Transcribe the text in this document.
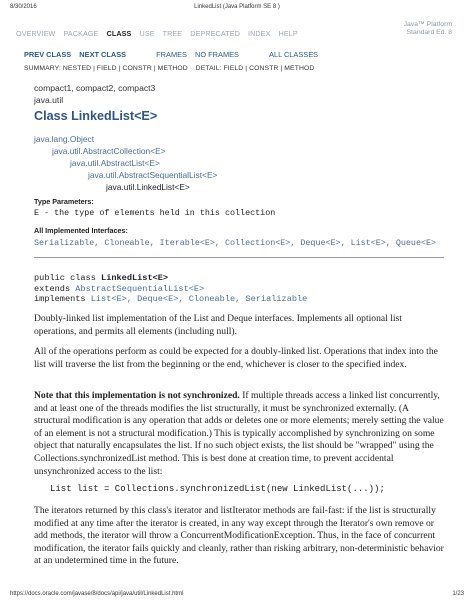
8/30/2016	LinkedList (Java Platform SE 8 )
OVERVIEW PACKAGE CLASS USE TREE DEPRECATED INDEX HELP
Java™ Platform
Standard Ed. 8
PREV CLASS NEXT CLASS	FRAMES NO FRAMES	ALL CLASSES
SUMMARY: NESTED | FIELD | CONSTR | METHOD    DETAIL: FIELD | CONSTR | METHOD
compact1, compact2, compact3
java.util
Class LinkedList<E>
java.lang.Object
java.util.AbstractCollection<E>
java.util.AbstractList<E>
java.util.AbstractSequentialList<E>
java.util.LinkedList<E>
Type Parameters:
E - the type of elements held in this collection
All Implemented Interfaces:
Serializable, Cloneable, Iterable<E>, Collection<E>, Deque<E>, List<E>, Queue<E>
public class LinkedList<E>
extends AbstractSequentialList<E>
implements List<E>, Deque<E>, Cloneable, Serializable
Doubly-linked list implementation of the List and Deque interfaces. Implements all optional list operations, and permits all elements (including null).
All of the operations perform as could be expected for a doubly-linked list. Operations that index into the list will traverse the list from the beginning or the end, whichever is closer to the specified index.
Note that this implementation is not synchronized. If multiple threads access a linked list concurrently, and at least one of the threads modifies the list structurally, it must be synchronized externally. (A structural modification is any operation that adds or deletes one or more elements; merely setting the value of an element is not a structural modification.) This is typically accomplished by synchronizing on some object that naturally encapsulates the list. If no such object exists, the list should be "wrapped" using the Collections.synchronizedList method. This is best done at creation time, to prevent accidental unsynchronized access to the list:
List list = Collections.synchronizedList(new LinkedList(...));
The iterators returned by this class's iterator and listIterator methods are fail-fast: if the list is structurally modified at any time after the iterator is created, in any way except through the Iterator's own remove or add methods, the iterator will throw a ConcurrentModificationException. Thus, in the face of concurrent modification, the iterator fails quickly and cleanly, rather than risking arbitrary, non-deterministic behavior at an undetermined time in the future.
https://docs.oracle.com/javase/8/docs/api/java/util/LinkedList.html	1/23
